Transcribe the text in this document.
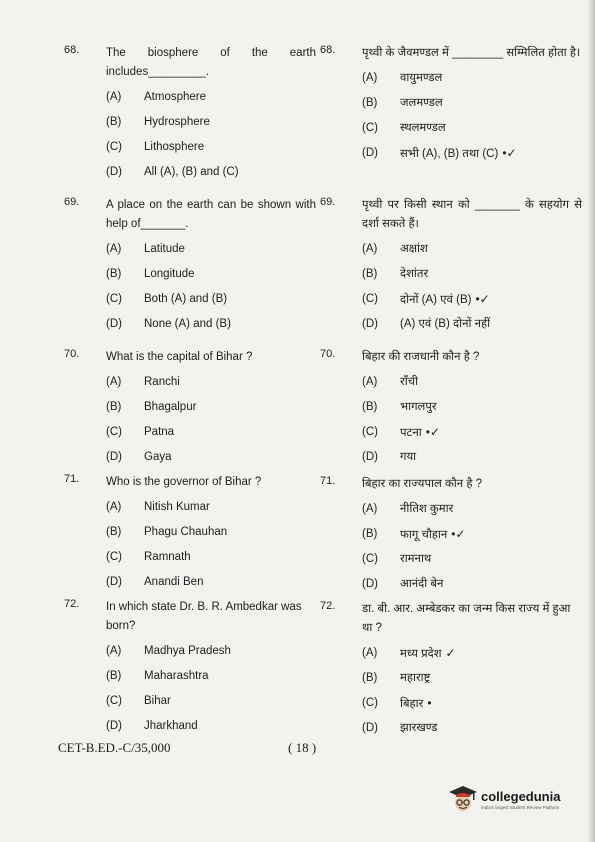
68. The biosphere of the earth includes_________.
(A)	Atmosphere
(B)	Hydrosphere
(C)	Lithosphere
(D)	All (A), (B) and (C)
69. A place on the earth can be shown with help of_______.
(A)	Latitude
(B)	Longitude
(C)	Both (A) and (B)
(D)	None (A) and (B)
70. What is the capital of Bihar ?
(A)	Ranchi
(B)	Bhagalpur
(C)	Patna
(D)	Gaya
71. Who is the governor of Bihar ?
(A)	Nitish Kumar
(B)	Phagu Chauhan
(C)	Ramnath
(D)	Anandi Ben
72. In which state Dr. B. R. Ambedkar was born?
(A)	Madhya Pradesh
(B)	Maharashtra
(C)	Bihar
(D)	Jharkhand
68. पृथ्वी के जैवमण्डल में ________ सम्मिलित होता है।
(A)	वायुमण्डल
(B)	जलमण्डल
(C)	स्थलमण्डल
(D)	सभी (A), (B) तथा (C) •✓
69. पृथ्वी पर किसी स्थान को _______ के सहयोग से दर्शा सकते हैं।
(A)	अक्षांश
(B)	देशांतर
(C)	दोनों (A) एवं (B) •✓
(D)	(A) एवं (B) दोनों नहीं
70. बिहार की राजधानी कौन है ?
(A)	राँची
(B)	भागलपुर
(C)	पटना •✓
(D)	गया
71. बिहार का राज्यपाल कौन है ?
(A)	नीतिश कुमार
(B)	फागू चौहान •✓
(C)	रामनाथ
(D)	आनंदी बेन
72. डा. बी. आर. अम्बेडकर का जन्म किस राज्य में हुआ था ?
(A)	मध्य प्रदेश ✓
(B)	महाराष्ट्र
(C)	बिहार •
(D)	झारखण्ड
CET-B.ED.-C/35,000	( 18 )
collegedunia
India's largest Student Review Platform
